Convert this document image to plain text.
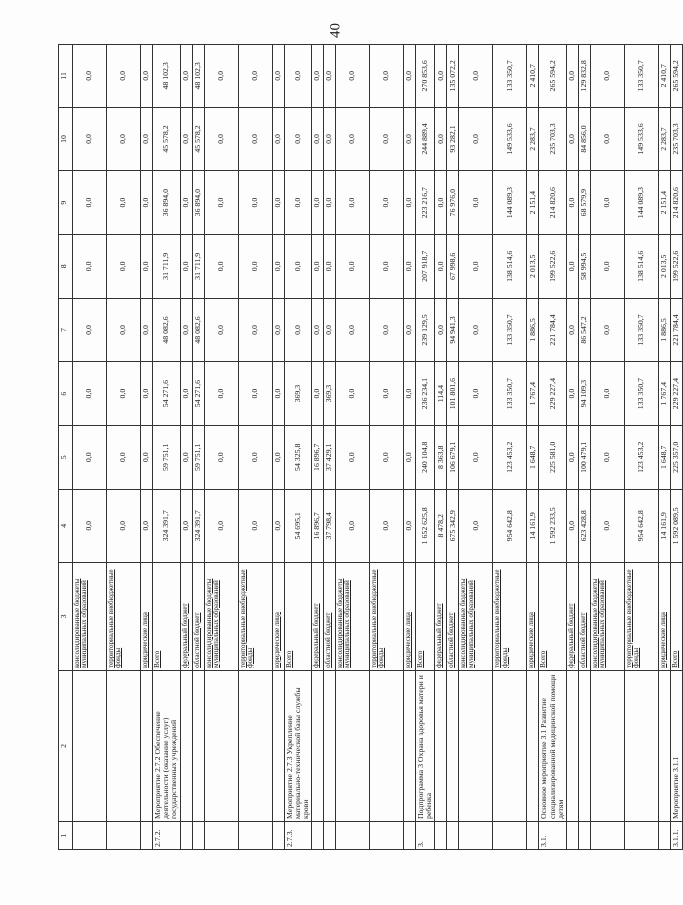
40
1	2	3	4	5	6	7	8	9	10	11
		консолидированные бюджеты муниципальных образований	0,0	0,0	0,0	0,0	0,0	0,0	0,0	0,0
		территориальные внебюджетные фонды	0,0	0,0	0,0	0,0	0,0	0,0	0,0	0,0
		юридические лица	0,0	0,0	0,0	0,0	0,0	0,0	0,0	0,0
2.7.2.	Мероприятие 2.7.2 Обеспечение деятельности (оказание услуг) государственных учреждений	Всего	324 391,7	59 751,1	54 271,6	48 082,6	31 711,9	36 894,0	45 578,2	48 102,3
		федеральный бюджет	0,0	0,0	0,0	0,0	0,0	0,0	0,0	0,0
		областной бюджет	324 391,7	59 751,1	54 271,6	48 082,6	31 711,9	36 894,0	45 578,2	48 102,3
		консолидированные бюджеты муниципальных образований	0,0	0,0	0,0	0,0	0,0	0,0	0,0	0,0
		территориальные внебюджетные фонды	0,0	0,0	0,0	0,0	0,0	0,0	0,0	0,0
		юридические лица	0,0	0,0	0,0	0,0	0,0	0,0	0,0	0,0
2.7.3.	Мероприятие 2.7.3 Укрепление материально-технической базы службы крови	Всего	54 695,1	54 325,8	369,3	0,0	0,0	0,0	0,0	0,0
		федеральный бюджет	16 896,7	16 896,7	0,0	0,0	0,0	0,0	0,0	0,0
		областной бюджет	37 798,4	37 429,1	369,3	0,0	0,0	0,0	0,0	0,0
		консолидированные бюджеты муниципальных образований	0,0	0,0	0,0	0,0	0,0	0,0	0,0	0,0
		территориальные внебюджетные фонды	0,0	0,0	0,0	0,0	0,0	0,0	0,0	0,0
		юридические лица	0,0	0,0	0,0	0,0	0,0	0,0	0,0	0,0
3.	Подпрограмма 3 Охрана здоровья матери и ребенка	Всего	1 652 625,8	240 104,8	236 234,1	239 129,5	207 918,7	223 216,7	244 889,4	270 853,6
		федеральный бюджет	8 478,2	8 363,8	114,4	0,0	0,0	0,0	0,0	0,0
		областной бюджет	675 342,9	106 679,1	101 801,6	94 941,3	67 998,6	76 976,0	93 282,1	135 072,2
		консолидированные бюджеты муниципальных образований	0,0	0,0	0,0	0,0	0,0	0,0	0,0	0,0
		территориальные внебюджетные фонды	954 642,8	123 453,2	133 350,7	133 350,7	138 514,6	144 089,3	149 533,6	133 350,7
		юридические лица	14 161,9	1 648,7	1 767,4	1 886,5	2 013,5	2 151,4	2 283,7	2 410,7
3.1.	Основное мероприятие 3.1 Развитие специализированной медицинской помощи детям	Всего	1 592 233,5	225 581,0	229 227,4	221 784,4	199 522,6	214 820,6	235 703,3	265 594,2
		федеральный бюджет	0,0	0,0	0,0	0,0	0,0	0,0	0,0	0,0
		областной бюджет	623 428,8	100 479,1	94 109,3	86 547,2	58 994,5	68 579,9	84 856,0	129 832,8
		консолидированные бюджеты муниципальных образований	0,0	0,0	0,0	0,0	0,0	0,0	0,0	0,0
		территориальные внебюджетные фонды	954 642,8	123 453,2	133 350,7	133 350,7	138 514,6	144 089,3	149 533,6	133 350,7
		юридические лица	14 161,9	1 648,7	1 767,4	1 886,5	2 013,5	2 151,4	2 283,7	2 410,7
3.1.1.	Мероприятие 3.1.1	Всего	1 592 089,5	225 357,0	229 227,4	221 784,4	199 522,6	214 820,6	235 703,3	265 594,2
